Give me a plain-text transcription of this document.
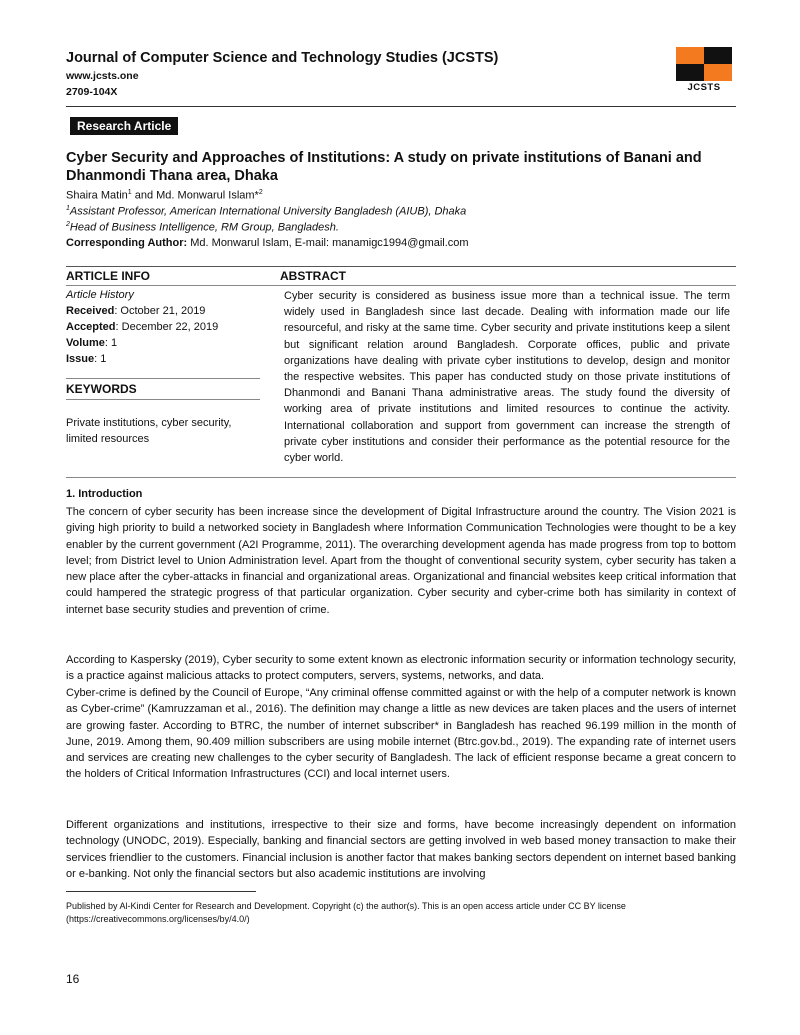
Journal of Computer Science and Technology Studies (JCSTS)
www.jcsts.one
2709-104X	JCSTS
Research Article
Cyber Security and Approaches of Institutions: A study on private institutions of Banani and Dhanmondi Thana area, Dhaka
Shaira Matin$^1$ and Md. Monwarul Islam*$^2$
$^1$Assistant Professor, American International University Bangladesh (AIUB), Dhaka
$^2$Head of Business Intelligence, RM Group, Bangladesh.
Corresponding Author: Md. Monwarul Islam, E-mail: manamigc1994@gmail.com
ARTICLE INFO	ABSTRACT
Article History
Received: October 21, 2019
Accepted: December 22, 2019
Volume: 1
Issue: 1
KEYWORDS
Private institutions, cyber security, limited resources
Cyber security is considered as business issue more than a technical issue. The term widely used in Bangladesh since last decade. Dealing with information made our life resourceful, and risky at the same time. Cyber security and private institutions keep a silent but significant relation around Bangladesh. Corporate offices, public and private organizations have dealing with private cyber institutions to develop, design and monitor the respective websites. This paper has conducted study on those private institutions of Dhanmondi and Banani Thana administrative areas. The study found the diversity of working area of private institutions and limited resources to continue the activity. International collaboration and support from government can increase the strength of private cyber institutions and consider their performance as the potential resource for the cyber world.
1. Introduction
The concern of cyber security has been increase since the development of Digital Infrastructure around the country. The Vision 2021 is giving high priority to build a networked society in Bangladesh where Information Communication Technologies were thought to be a key enabler by the current government (A2I Programme, 2011). The overarching development agenda has made progress from top to bottom level; from District level to Union Administration level. Apart from the thought of conventional security system, cyber security has taken a new place after the cyber-attacks in financial and organizational areas. Organizational and financial websites keep critical information that could hampered the strategic progress of that particular organization. Cyber security and cyber-crime both has similarity in context of internet base security studies and prevention of crime.
According to Kaspersky (2019), Cyber security to some extent known as electronic information security or information technology security, is a practice against malicious attacks to protect computers, servers, systems, networks, and data.
Cyber-crime is defined by the Council of Europe, “Any criminal offense committed against or with the help of a computer network is known as Cyber-crime” (Kamruzzaman et al., 2016). The definition may change a little as new devices are taken places and the users of internet are growing faster. According to BTRC, the number of internet subscriber* in Bangladesh has reached 96.199 million in the month of June, 2019. Among them, 90.409 million subscribers are using mobile internet (Btrc.gov.bd., 2019). The expanding rate of internet users and services are creating new challenges to the cyber security of Bangladesh. The lack of efficient response became a great concern to the holders of Critical Information Infrastructures (CCI) and local internet users.
Different organizations and institutions, irrespective to their size and forms, have become increasingly dependent on information technology (UNODC, 2019). Especially, banking and financial sectors are getting involved in web based money transaction to make their services friendlier to the customers. Financial inclusion is another factor that makes banking sectors dependent on internet based banking or e-banking. Not only the financial sectors but also academic institutions are involving
Published by Al-Kindi Center for Research and Development. Copyright (c) the author(s). This is an open access article under CC BY license (https://creativecommons.org/licenses/by/4.0/)
16
